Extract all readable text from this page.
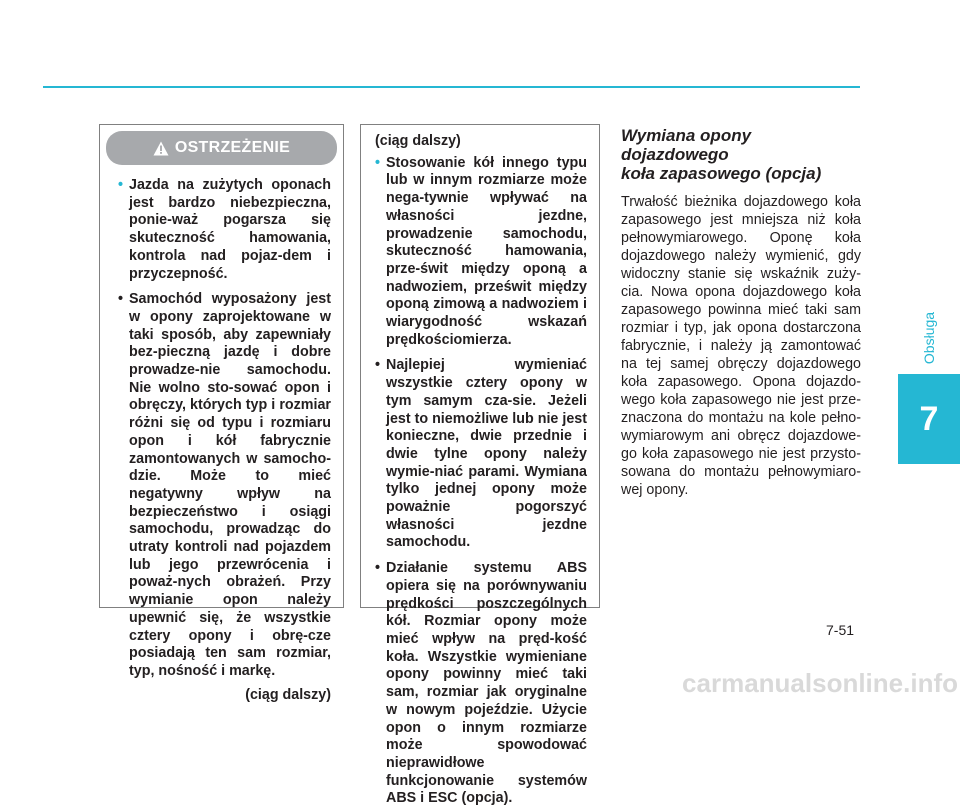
Obsługa
7
OSTRZEŻENIE
• Jazda na zużytych oponach jest bardzo niebezpieczna, ponie-waż pogarsza się skuteczność hamowania, kontrola nad pojaz-dem i przyczepność.
• Samochód wyposażony jest w opony zaprojektowane w taki sposób, aby zapewniały bez-pieczną jazdę i dobre prowadze-nie samochodu. Nie wolno sto-sować opon i obręczy, których typ i rozmiar różni się od typu i rozmiaru opon i kół fabrycznie zamontowanych w samocho-dzie. Może to mieć negatywny wpływ na bezpieczeństwo i osiągi samochodu, prowadząc do utraty kontroli nad pojazdem lub jego przewrócenia i poważ-nych obrażeń. Przy wymianie opon należy upewnić się, że wszystkie cztery opony i obrę-cze posiadają ten sam rozmiar, typ, nośność i markę.
(ciąg dalszy)
(ciąg dalszy)
• Stosowanie kół innego typu lub w innym rozmiarze może nega-tywnie wpływać na własności jezdne, prowadzenie samochodu, skuteczność hamowania, prze-świt między oponą a nadwoziem, prześwit między oponą zimową a nadwoziem i wiarygodność wskazań prędkościomierza.
• Najlepiej wymieniać wszystkie cztery opony w tym samym cza-sie. Jeżeli jest to niemożliwe lub nie jest konieczne, dwie przednie i dwie tylne opony należy wymie-niać parami. Wymiana tylko jednej opony może poważnie pogorszyć własności jezdne samochodu.
• Działanie systemu ABS opiera się na porównywaniu prędkości poszczególnych kół. Rozmiar opony może mieć wpływ na pręd-kość koła. Wszystkie wymieniane opony powinny mieć taki sam, rozmiar jak oryginalne w nowym pojeździe. Użycie opon o innym rozmiarze może spowodować nieprawidłowe funkcjonowanie systemów ABS i ESC (opcja).
Wymiana opony dojazdowego
koła zapasowego (opcja)

Trwałość bieżnika dojazdowego koła zapasowego jest mniejsza niż koła pełnowymiarowego. Oponę koła dojazdowego należy wymienić, gdy widoczny stanie się wskaźnik zuży-cia. Nowa opona dojazdowego koła zapasowego powinna mieć taki sam rozmiar i typ, jak opona dostarczona fabrycznie, i należy ją zamontować na tej samej obręczy dojazdowego koła zapasowego. Opona dojazdo-wego koła zapasowego nie jest prze-znaczona do montażu na kole pełno-wymiarowym ani obręcz dojazdowe-go koła zapasowego nie jest przysto-sowana do montażu pełnowymiaro-wej opony.

7-51
carmanualsonline.info
